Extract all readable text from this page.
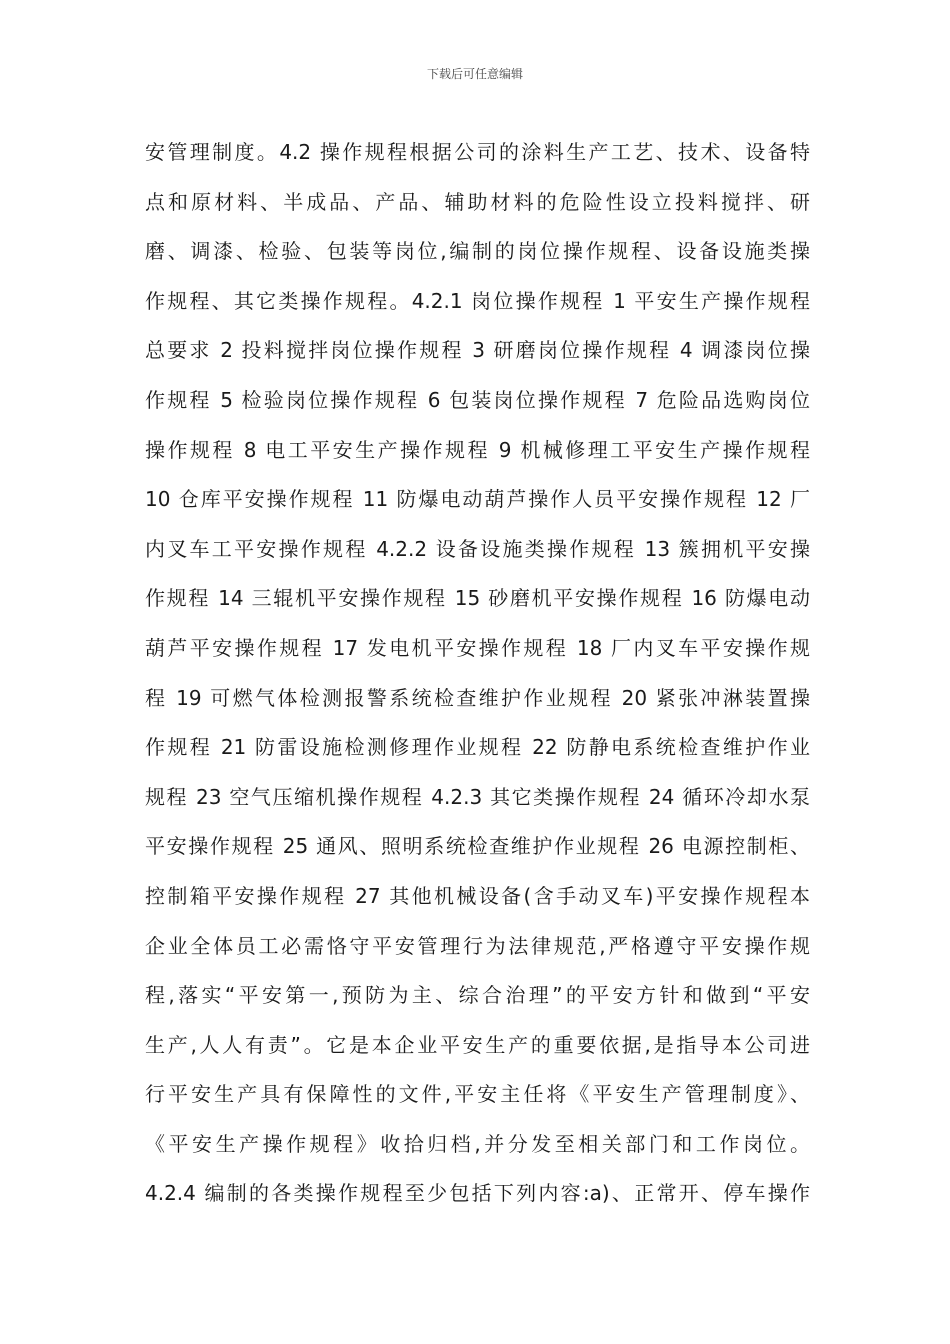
下载后可任意编辑
安管理制度。4.2 操作规程根据公司的涂料生产工艺、技术、设备特
点和原材料、半成品、产品、辅助材料的危险性设立投料搅拌、研
磨、调漆、检验、包装等岗位,编制的岗位操作规程、设备设施类操
作规程、其它类操作规程。4.2.1 岗位操作规程 1 平安生产操作规程
总要求 2 投料搅拌岗位操作规程 3 研磨岗位操作规程 4 调漆岗位操
作规程 5 检验岗位操作规程 6 包装岗位操作规程 7 危险品选购岗位
操作规程 8 电工平安生产操作规程 9 机械修理工平安生产操作规程
10 仓库平安操作规程 11 防爆电动葫芦操作人员平安操作规程 12 厂
内叉车工平安操作规程 4.2.2 设备设施类操作规程 13 簇拥机平安操
作规程 14 三辊机平安操作规程 15 砂磨机平安操作规程 16 防爆电动
葫芦平安操作规程 17 发电机平安操作规程 18 厂内叉车平安操作规
程 19 可燃气体检测报警系统检查维护作业规程 20 紧张冲淋装置操
作规程 21 防雷设施检测修理作业规程 22 防静电系统检查维护作业
规程 23 空气压缩机操作规程 4.2.3 其它类操作规程 24 循环冷却水泵
平安操作规程 25 通风、照明系统检查维护作业规程 26 电源控制柜、
控制箱平安操作规程 27 其他机械设备(含手动叉车)平安操作规程本
企业全体员工必需恪守平安管理行为法律规范,严格遵守平安操作规
程,落实“平安第一,预防为主、综合治理”的平安方针和做到“平安
生产,人人有责”。它是本企业平安生产的重要依据,是指导本公司进
行平安生产具有保障性的文件,平安主任将《平安生产管理制度》、
《平安生产操作规程》收拾归档,并分发至相关部门和工作岗位。
4.2.4 编制的各类操作规程至少包括下列内容:a)、正常开、停车操作
